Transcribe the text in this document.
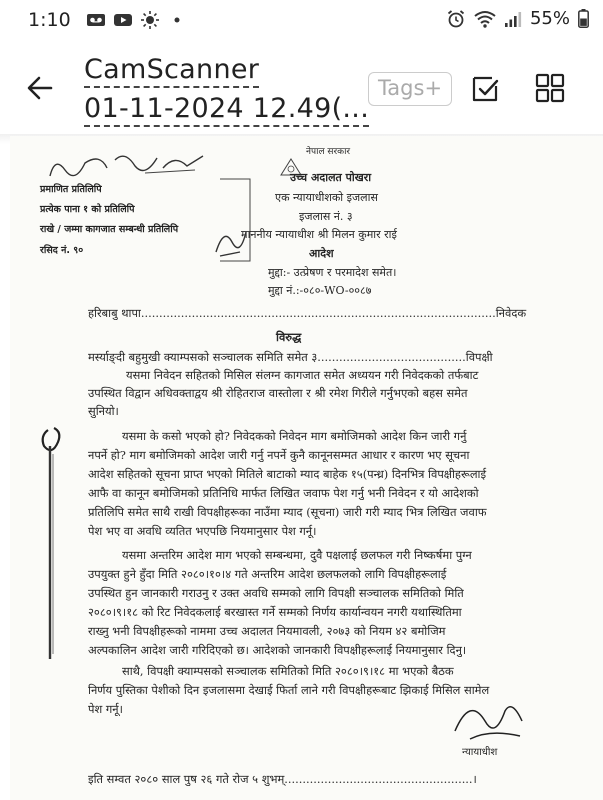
1:10	55%
CamScanner
01-11-2024 12.49(...
Tags+
प्रमाणित प्रतिलिपि
प्रत्येक पाना १ को प्रतिलिपि
राखे / जम्मा कागजात सम्बन्धी प्रतिलिपि
रसिद नं. ९०
नेपाल सरकार
उच्च अदालत पोखरा
एक न्यायाधीशको इजलास
इजलास नं. ३
माननीय न्यायाधीश श्री मिलन कुमार राई
आदेश
मुद्दा:- उत्प्रेषण र परमादेश समेत।
मुद्दा नं.:-०८०-WO-००८७
हरिबाबु थापा..................................................................................................निवेदक
विरुद्ध
मर्स्याङ्दी बहुमुखी क्याम्पसको सञ्चालक समिति समेत ३.........................................विपक्षी
यसमा निवेदन सहितको मिसिल संलग्न कागजात समेत अध्ययन गरी निवेदकको तर्फबाट
उपस्थित विद्वान अधिवक्ताद्वय श्री रोहितराज वास्तोला र श्री रमेश गिरीले गर्नुभएको बहस समेत
सुनियो।
यसमा के कसो भएको हो? निवेदकको निवेदन माग बमोजिमको आदेश किन जारी गर्नु
नपर्ने हो? माग बमोजिमको आदेश जारी गर्नु नपर्ने कुनै कानूनसम्मत आधार र कारण भए सूचना
आदेश सहितको सूचना प्राप्त भएको मितिले बाटाको म्याद बाहेक १५(पन्ध्र) दिनभित्र विपक्षीहरूलाई
आफै वा कानून बमोजिमको प्रतिनिधि मार्फत लिखित जवाफ पेश गर्नु भनी निवेदन र यो आदेशको
प्रतिलिपि समेत साथै राखी विपक्षीहरूका नाउँमा म्याद (सूचना) जारी गरी म्याद भित्र लिखित जवाफ
पेश भए वा अवधि व्यतित भएपछि नियमानुसार पेश गर्नू।
यसमा अन्तरिम आदेश माग भएको सम्बन्धमा, दुवै पक्षलाई छलफल गरी निष्कर्षमा पुग्न
उपयुक्त हुने हुँदा मिति २०८०।१०।४ गते अन्तरिम आदेश छलफलको लागि विपक्षीहरूलाई
उपस्थित हुन जानकारी गराउनु र उक्त अवधि सम्मको लागि विपक्षी सञ्चालक समितिको मिति
२०८०।९।१८ को रिट निवेदकलाई बरखास्त गर्ने सम्मको निर्णय कार्यान्वयन नगरी यथास्थितिमा
राख्नु भनी विपक्षीहरूको नाममा उच्च अदालत नियमावली, २०७३ को नियम ४२ बमोजिम
अल्पकालिन आदेश जारी गरिदिएको छ। आदेशको जानकारी विपक्षीहरूलाई नियमानुसार दिनु।
साथै, विपक्षी क्याम्पसको सञ्चालक समितिको मिति २०८०।९।१८ मा भएको बैठक
निर्णय पुस्तिका पेशीको दिन इजलासमा देखाई फिर्ता लाने गरी विपक्षीहरूबाट झिकाई मिसिल सामेल
पेश गर्नू।
न्यायाधीश
इति सम्वत २०८० साल पुष २६ गते रोज ५ शुभम्....................................................।
